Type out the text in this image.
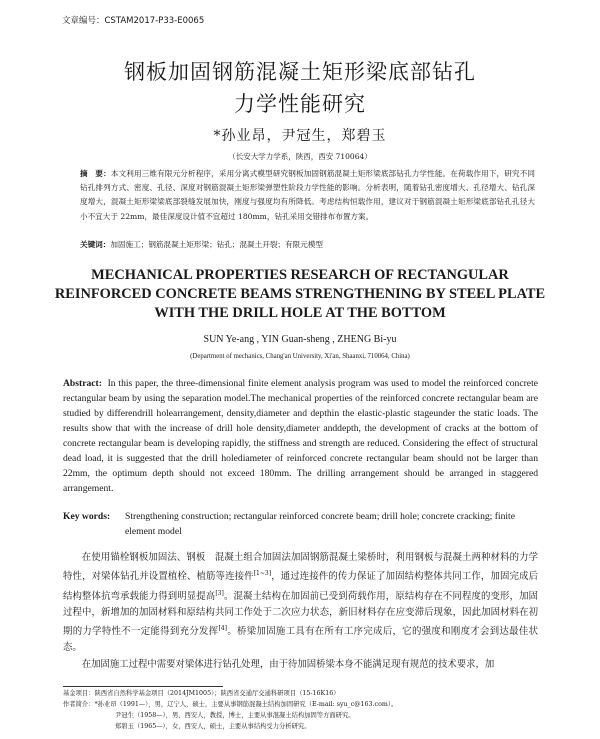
文章编号：CSTAM2017-P33-E0065
钢板加固钢筋混凝土矩形梁底部钻孔
力学性能研究
*孙业昂，尹冠生，郑碧玉
（长安大学力学系，陕西，西安 710064）
摘　要：本文利用三维有限元分析程序，采用分离式模型研究钢板加固钢筋混凝土矩形梁底部钻孔力学性能。在荷载作用下，研究不同钻孔排列方式、密度、孔径、深度对钢筋混凝土矩形梁弹塑性阶段力学性能的影响。分析表明，随着钻孔密度增大、孔径增大、钻孔深度增大，混凝土矩形梁梁底部裂缝发展加快，刚度与强度均有所降低。考虑结构恒载作用，建议对于钢筋混凝土矩形梁底部钻孔孔径大小不宜大于 22mm，最佳深度设计值不宜超过 180mm，钻孔采用交错排布布置方案。
关键词：加固施工；钢筋混凝土矩形梁；钻孔；混凝土开裂；有限元模型
MECHANICAL PROPERTIES RESEARCH OF RECTANGULAR
REINFORCED CONCRETE BEAMS STRENGTHENING BY STEEL PLATE
WITH THE DRILL HOLE AT THE BOTTOM
SUN Ye-ang , YIN Guan-sheng , ZHENG Bi-yu
(Department of mechanics, Chang'an University, Xi'an, Shaanxi, 710064, China)
Abstract: In this paper, the three-dimensional finite element analysis program was used to model the reinforced concrete rectangular beam by using the separation model.The mechanical properties of the reinforced concrete rectangular beam are studied by differendrill holearrangement, density,diameter and depthin the elastic-plastic stageunder the static loads. The results show that with the increase of drill hole density,diameter anddepth, the development of cracks at the bottom of concrete rectangular beam is developing rapidly, the stiffness and strength are reduced. Considering the effect of structural dead load, it is suggested that the drill holediameter of reinforced concrete rectangular beam should not be larger than 22mm, the optimum depth should not exceed 180mm. The drilling arrangement should be arranged in staggered arrangement.
Key words: Strengthening construction; rectangular reinforced concrete beam; drill hole; concrete cracking; finite element model

在使用锚栓钢板加固法、钢板　混凝土组合加固法加固钢筋混凝土梁桥时，利用钢板与混凝土两种材料的力学特性，对梁体钻孔并设置植栓、植筋等连接件[1~3]，通过连接件的传力保证了加固结构整体共同工作，加固完成后结构整体抗弯承载能力得到明显提高[3]。混凝土结构在加固前已受到荷载作用，原结构存在不同程度的变形，加固过程中，新增加的加固材料和原结构共同工作处于二次应力状态，新旧材料存在应变滞后现象，因此加固材料在初期的力学特性不一定能得到充分发挥[4]。桥梁加固施工具有在所有工序完成后，它的强度和刚度才会到达最佳状态。

在加固施工过程中需要对梁体进行钻孔处理，由于待加固桥梁本身不能满足现有规范的技术要求，加

基金项目：陕西省自然科学基金项目（2014JM1005）；陕西省交通厅交通科研项目（15-16K16）
作者简介：*孙业昂（1991—），男，辽宁人，硕士，主要从事钢筋混凝土结构加固研究（E-mail: syu_c@163.com）。
尹冠生（1958—），男，西安人，教授，博士，主要从事混凝土结构加固等方面研究。
郑碧玉（1965—），女，西安人，硕士，主要从事结构受力分析研究。
